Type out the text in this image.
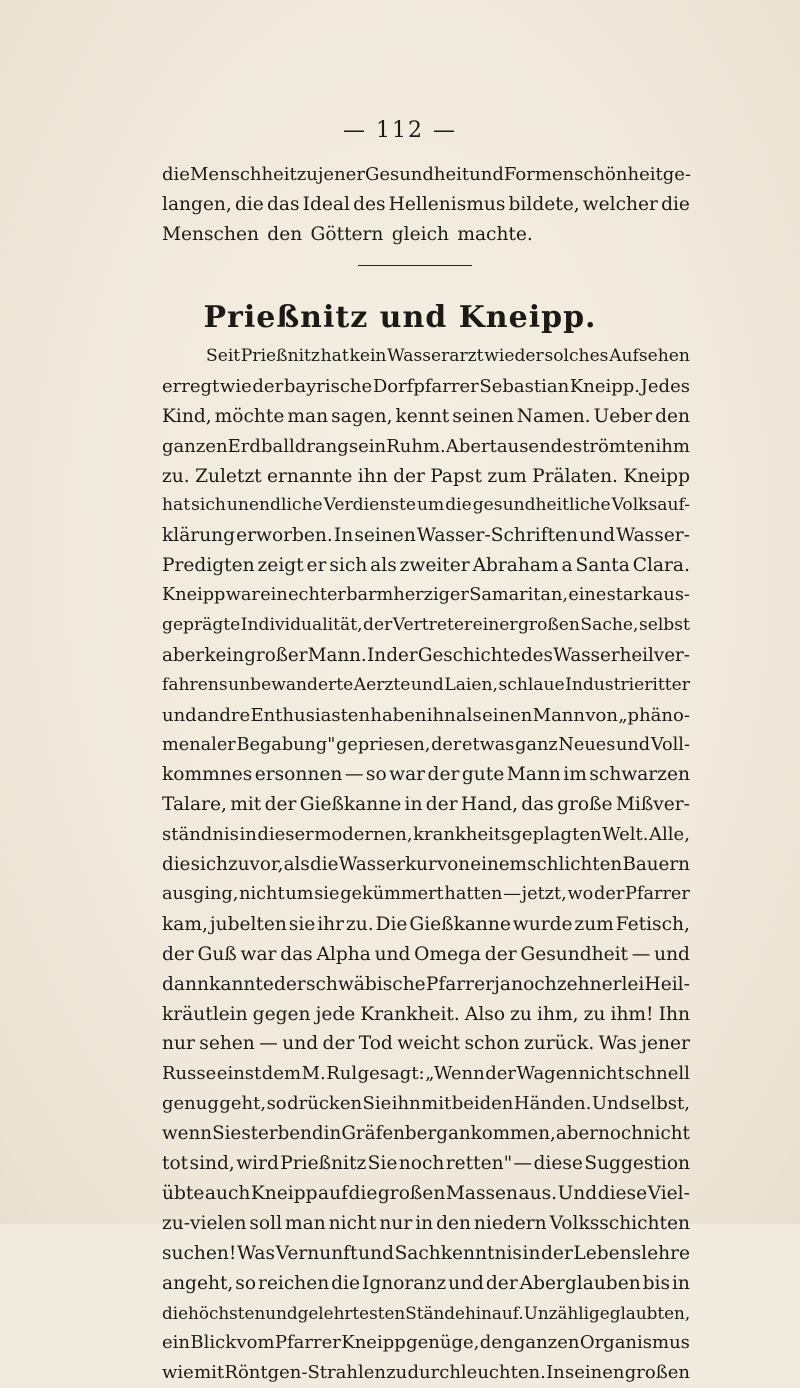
— 112 —
die Menschheit zu jener Gesundheit und Formenschönheit ge-
langen, die das Ideal des Hellenismus bildete, welcher die
Menschen den Göttern gleich machte.
Prießnitz und Kneipp.
Seit Prießnitz hat kein Wasserarzt wieder solches Aufsehen
erregt wie der bayrische Dorfpfarrer Sebastian Kneipp. Jedes
Kind, möchte man sagen, kennt seinen Namen. Ueber den
ganzen Erdball drang sein Ruhm. Abertausende strömten ihm
zu. Zuletzt ernannte ihn der Papst zum Prälaten. Kneipp
hat sich unendliche Verdienste um die gesundheitliche Volksauf-
klärung erworben. In seinen Wasser-Schriften und Wasser-
Predigten zeigt er sich als zweiter Abraham a Santa Clara.
Kneipp war ein echter barmherziger Samaritan, eine stark aus-
geprägte Individualität, der Vertreter einer großen Sache, selbst
aber kein großer Mann. In der Geschichte des Wasserheilver-
fahrens unbewanderte Aerzte und Laien, schlaue Industrieritter
und andre Enthusiasten haben ihn als einen Mann von „phäno-
menaler Begabung" gepriesen, der etwas ganz Neues und Voll-
kommnes ersonnen — so war der gute Mann im schwarzen
Talare, mit der Gießkanne in der Hand, das große Mißver-
ständnis in dieser modernen, krankheitsgeplagten Welt. Alle,
die sich zuvor, als die Wasserkur von einem schlichten Bauern
ausging, nicht um sie gekümmert hatten — jetzt, wo der Pfarrer
kam, jubelten sie ihr zu. Die Gießkanne wurde zum Fetisch,
der Guß war das Alpha und Omega der Gesundheit — und
dann kannte der schwäbische Pfarrer ja noch zehnerlei Heil-
kräutlein gegen jede Krankheit. Also zu ihm, zu ihm! Ihn
nur sehen — und der Tod weicht schon zurück. Was jener
Russe einst dem M. Rul gesagt: „Wenn der Wagen nicht schnell
genug geht, so drücken Sie ihn mit beiden Händen. Und selbst,
wenn Sie sterbend in Gräfenberg ankommen, aber noch nicht
tot sind, wird Prießnitz Sie noch retten" — diese Suggestion
übte auch Kneipp auf die großen Massen aus. Und diese Viel-
zu-vielen soll man nicht nur in den niedern Volksschichten
suchen! Was Vernunft und Sachkenntnis in der Lebenslehre
angeht, so reichen die Ignoranz und der Aberglauben bis in
die höchsten und gelehrtesten Stände hinauf. Unzählige glaubten,
ein Blick vom Pfarrer Kneipp genüge, den ganzen Organismus
wie mit Röntgen-Strahlen zu durchleuchten. In seinen großen
